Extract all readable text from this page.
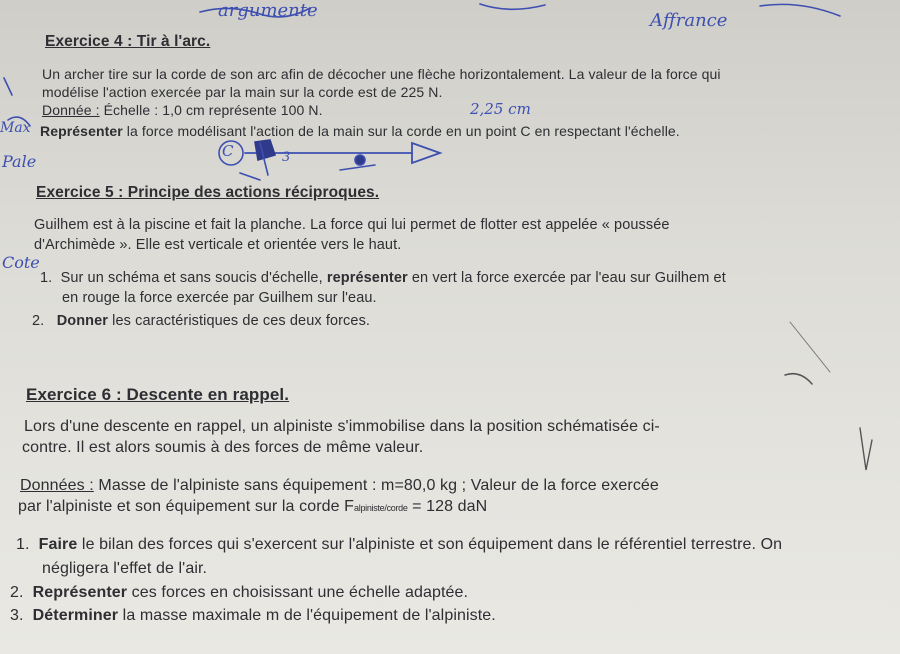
argumente	Affrance
2,25 cm
C	3
Max
Pale
Cote
Exercice 4 : Tir à l'arc.
Un archer tire sur la corde de son arc afin de décocher une flèche horizontalement. La valeur de la force qui
modélise l'action exercée par la main sur la corde est de 225 N.
Donnée : Échelle : 1,0 cm représente 100 N.
Représenter la force modélisant l'action de la main sur la corde en un point C en respectant l'échelle.
Exercice 5 : Principe des actions réciproques.
Guilhem est à la piscine et fait la planche. La force qui lui permet de flotter est appelée « poussée
d'Archimède ». Elle est verticale et orientée vers le haut.
1. Sur un schéma et sans soucis d'échelle, représenter en vert la force exercée par l'eau sur Guilhem et
en rouge la force exercée par Guilhem sur l'eau.
2. Donner les caractéristiques de ces deux forces.
Exercice 6 : Descente en rappel.
Lors d'une descente en rappel, un alpiniste s'immobilise dans la position schématisée ci-
contre. Il est alors soumis à des forces de même valeur.
Données : Masse de l'alpiniste sans équipement : m=80,0 kg ; Valeur de la force exercée
par l'alpiniste et son équipement sur la corde Falpiniste/corde = 128 daN
1. Faire le bilan des forces qui s'exercent sur l'alpiniste et son équipement dans le référentiel terrestre. On
négligera l'effet de l'air.
2. Représenter ces forces en choisissant une échelle adaptée.
3. Déterminer la masse maximale m de l'équipement de l'alpiniste.
